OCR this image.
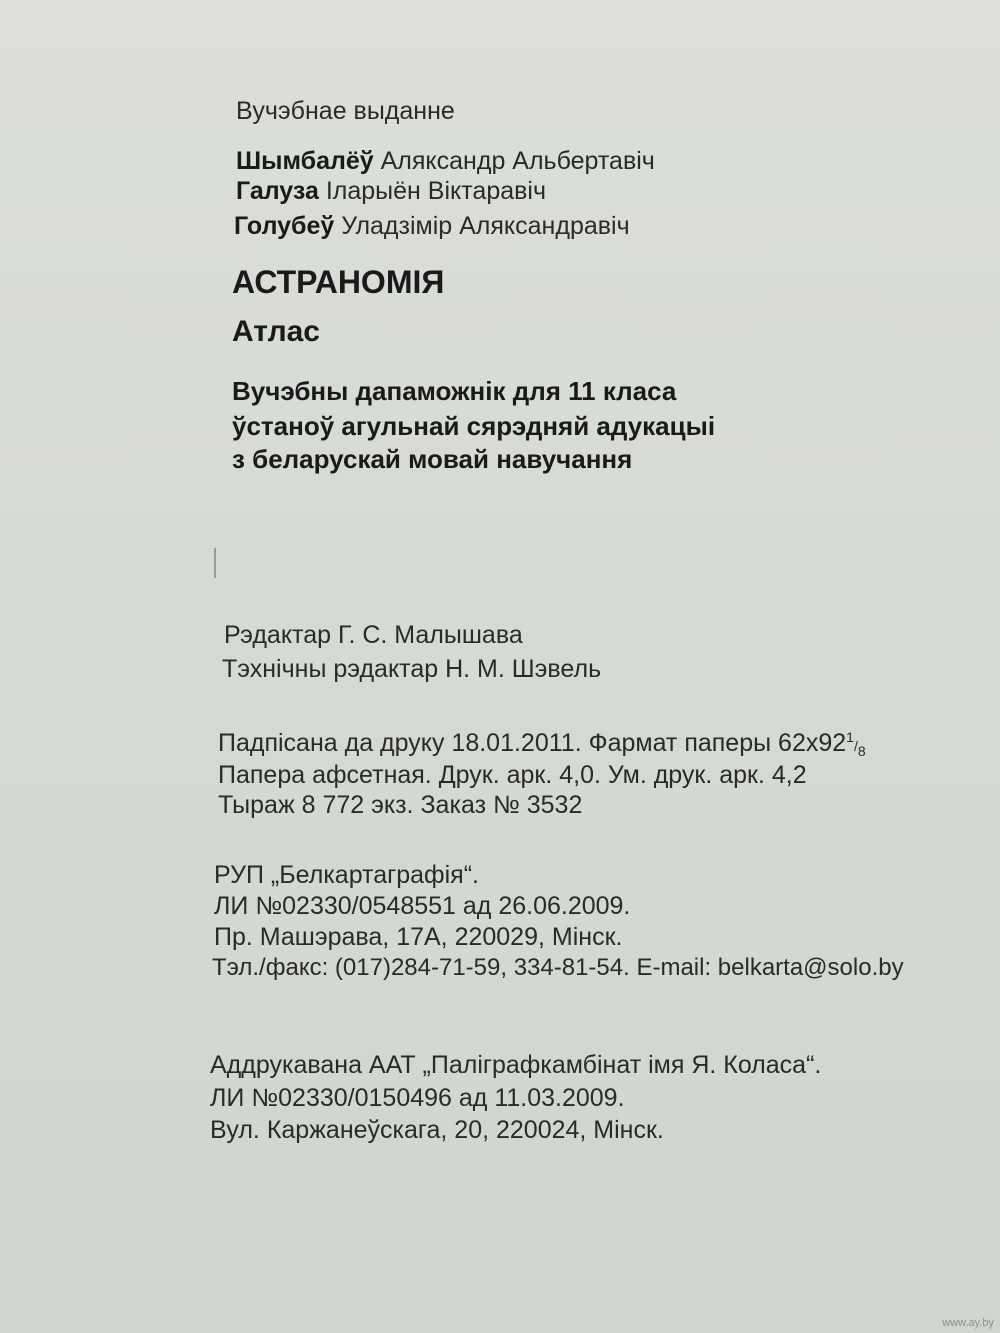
Вучэбнае выданне
Шымбалёў Аляксандр Альбертавіч
Галуза Іларыён Віктаравіч
Голубеў Уладзімір Аляксандравіч
АСТРАНОМІЯ
Атлас
Вучэбны дапаможнік для 11 класа
ўстаноў агульнай сярэдняй адукацыі
з беларускай мовай навучання
Рэдактар Г. С. Малышава
Тэхнічны рэдактар Н. М. Шэвель
Падпісана да друку 18.01.2011. Фармат паперы 62х921/8
Папера афсетная. Друк. арк. 4,0. Ум. друк. арк. 4,2
Тыраж 8 772 экз. Заказ № 3532
РУП „Белкартаграфія“.
ЛИ №02330/0548551 ад 26.06.2009.
Пр. Машэрава, 17А, 220029, Мінск.
Тэл./факс: (017)284-71-59, 334-81-54. E-mail: belkarta@solo.by
Аддрукавана ААТ „Паліграфкамбінат імя Я. Коласа“.
ЛИ №02330/0150496 ад 11.03.2009.
Вул. Каржанеўскага, 20, 220024, Мінск.
www.ay.by
